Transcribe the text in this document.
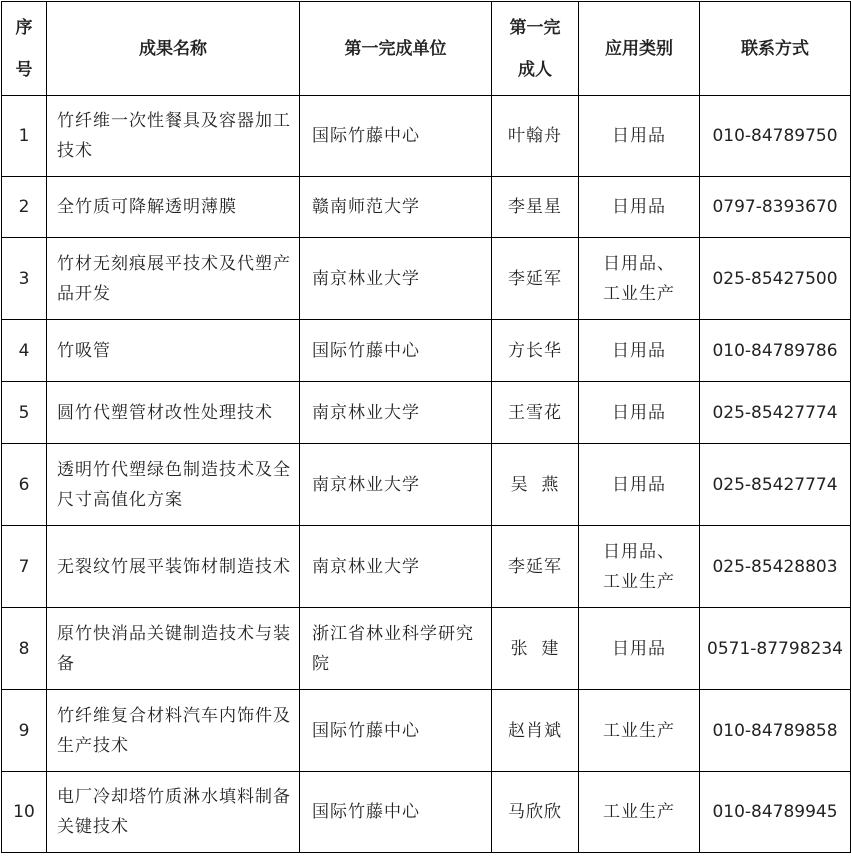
序号	成果名称	第一完成单位	第一完成人	应用类别	联系方式
1	竹纤维一次性餐具及容器加工技术	国际竹藤中心	叶翰舟	日用品	010-84789750
2	全竹质可降解透明薄膜	赣南师范大学	李星星	日用品	0797-8393670
3	竹材无刻痕展平技术及代塑产品开发	南京林业大学	李延军	日用品、工业生产	025-85427500
4	竹吸管	国际竹藤中心	方长华	日用品	010-84789786
5	圆竹代塑管材改性处理技术	南京林业大学	王雪花	日用品	025-85427774
6	透明竹代塑绿色制造技术及全尺寸高值化方案	南京林业大学	吴  燕	日用品	025-85427774
7	无裂纹竹展平装饰材制造技术	南京林业大学	李延军	日用品、工业生产	025-85428803
8	原竹快消品关键制造技术与装备	浙江省林业科学研究院	张  建	日用品	0571-87798234
9	竹纤维复合材料汽车内饰件及生产技术	国际竹藤中心	赵肖斌	工业生产	010-84789858
10	电厂冷却塔竹质淋水填料制备关键技术	国际竹藤中心	马欣欣	工业生产	010-84789945
